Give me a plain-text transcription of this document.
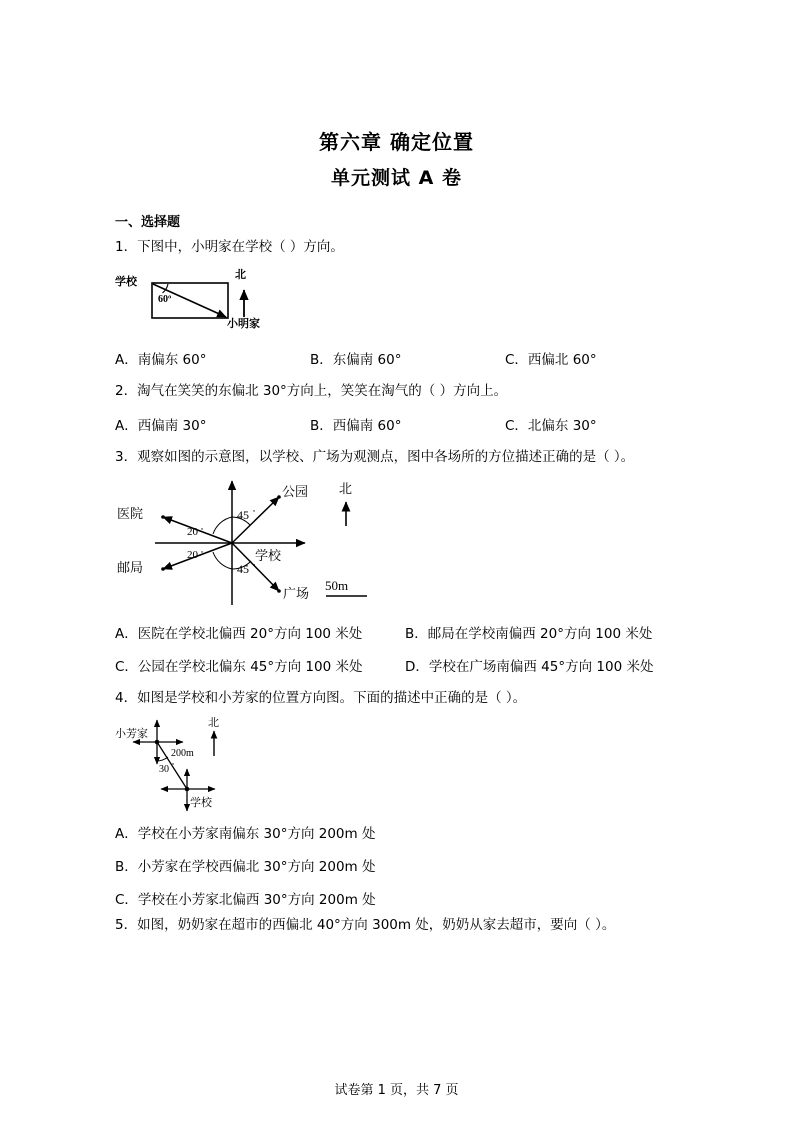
第六章 确定位置
单元测试 A 卷
一、选择题
1．下图中，小明家在学校（ ）方向。
60º
学校
小明家
北
A．南偏东 60°	B．东偏南 60°	C．西偏北 60°
2．淘气在笑笑的东偏北 30°方向上，笑笑在淘气的（ ）方向上。
A．西偏南 30°	B．西偏南 60°	C．北偏东 30°
3．观察如图的示意图，以学校、广场为观测点，图中各场所的方位描述正确的是（ ）。
20 º
20 º
45 º
45 º
公园
医院
邮局
学校
广场
北
50m
A．医院在学校北偏西 20°方向 100 米处	B．邮局在学校南偏西 20°方向 100 米处
C．公园在学校北偏东 45°方向 100 米处	D．学校在广场南偏西 45°方向 100 米处
4．如图是学校和小芳家的位置方向图。下面的描述中正确的是（ ）。
30 º
小芳家
学校
北
200m
A．学校在小芳家南偏东 30°方向 200m 处
B．小芳家在学校西偏北 30°方向 200m 处
C．学校在小芳家北偏西 30°方向 200m 处
5．如图，奶奶家在超市的西偏北 40°方向 300m 处，奶奶从家去超市，要向（ ）。
试卷第 1 页，共 7 页
